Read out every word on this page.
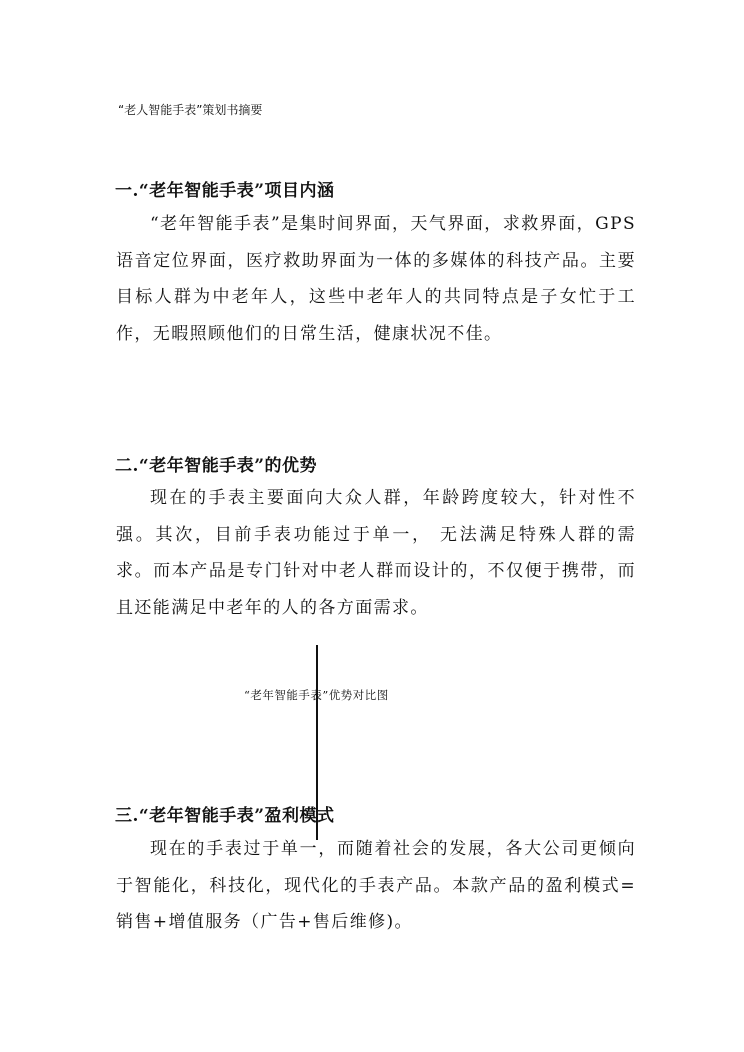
“老人智能手表”策划书摘要
一.“老年智能手表”项目内涵
“老年智能手表”是集时间界面，天气界面，求救界面，GPS语音定位界面，医疗救助界面为一体的多媒体的科技产品。主要目标人群为中老年人，这些中老年人的共同特点是子女忙于工作，无暇照顾他们的日常生活，健康状况不佳。
二.“老年智能手表”的优势
现在的手表主要面向大众人群，年龄跨度较大，针对性不强。其次，目前手表功能过于单一， 无法满足特殊人群的需求。而本产品是专门针对中老人群而设计的，不仅便于携带，而且还能满足中老年的人的各方面需求。
“老年智能手表”优势对比图
三.“老年智能手表”盈利模式
现在的手表过于单一，而随着社会的发展，各大公司更倾向于智能化，科技化，现代化的手表产品。本款产品的盈利模式=销售+增值服务（广告+售后维修)。
